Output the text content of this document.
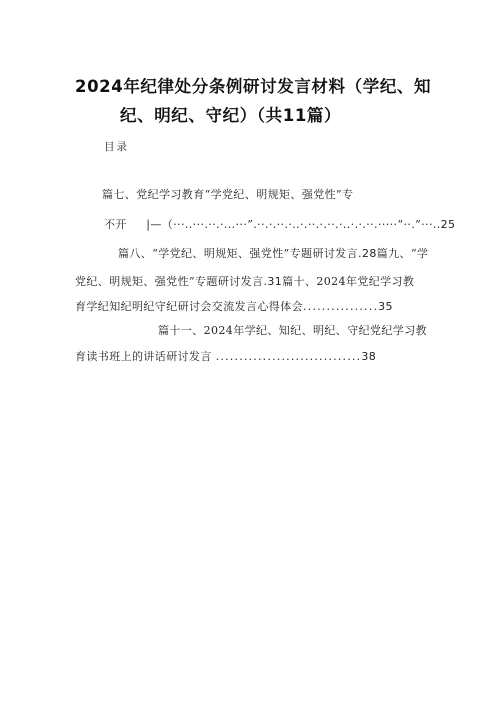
2024年纪律处分条例研讨发言材料（学纪、知
纪、明纪、守纪）（共11篇）
目录
篇七、党纪学习教育“学党纪、明规矩、强党性”专
不开 |—（···..···.··.·...···”.··.·.··.·..·.··.·.··.·..·.·.··.·····“··.”···..25
篇八、“学党纪、明规矩、强党性”专题研讨发言.28篇九、“学
党纪、明规矩、强党性”专题研讨发言.31篇十、2024年党纪学习教
育学纪知纪明纪守纪研讨会交流发言心得体会................35
篇十一、2024年学纪、知纪、明纪、守纪党纪学习教
育读书班上的讲话研讨发言 ...............................38
